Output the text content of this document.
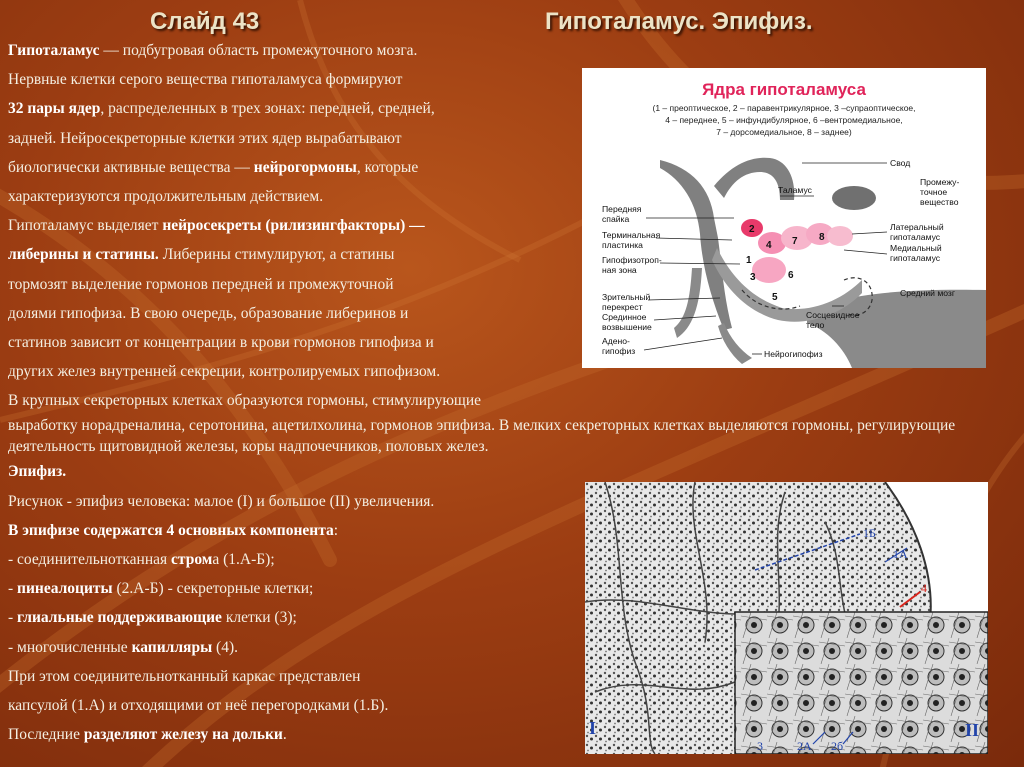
Слайд 43	Гипоталамус. Эпифиз.

Гипоталамус — подбугровая область промежуточного мозга.

Нервные клетки серого вещества гипоталамуса формируют

32 пары ядер, распределенных в трех зонах: передней, средней,

задней. Нейросекреторные клетки этих ядер вырабатывают

биологически активные вещества — нейрогормоны, которые

характеризуются продолжительным действием.

Гипоталамус выделяет нейросекреты (рилизингфакторы) —

либерины и статины. Либерины стимулируют, а статины

тормозят выделение гормонов передней и промежуточной

долями гипофиза. В свою очередь, образование либеринов и

статинов зависит от концентрации в крови гормонов гипофиза и

других желез внутренней секреции, контролируемых гипофизом.

В крупных секреторных клетках образуются гормоны, стимулирующие

выработку норадреналина, серотонина, ацетилхолина, гормонов эпифиза. В мелких секреторных клетках выделяются гормоны, регулирующие деятельность щитовидной железы, коры надпочечников, половых желез.

Эпифиз.

Рисунок - эпифиз человека: малое (I) и большое (II) увеличения.

В эпифизе содержатся 4 основных компонента:

- соединительнотканная строма (1.А-Б);

- пинеалоциты (2.А-Б) - секреторные клетки;

- глиальные поддерживающие клетки (3);

- многочисленные капилляры (4).

При этом соединительнотканный каркас представлен

капсулой (1.А) и отходящими от неё перегородками (1.Б).

Последние разделяют железу на дольки.

Ядра гипоталамуса
(1 – преоптическое, 2 – паравентрикулярное, 3 –супраоптическое,
4 – переднее, 5 – инфундибулярное, 6 –вентромедиальное,
7 – дорсомедиальное, 8 – заднее)
1
2
3
4
5
6
7 8
Свод
Таламус
Промежу-
точное
вещество
Передняя
спайка
Терминальная
пластинка
Гипофизотроп-
ная зона
Латеральный
гипоталамус
Медиальный
гипоталамус
Средний мозг
Зрительный
перекрест
Срединное
возвышение
Сосцевидное
тело
Адено-
гипофиз	Нейрогипофиз
1Б
1А
4
I	II
3	2А 2б
